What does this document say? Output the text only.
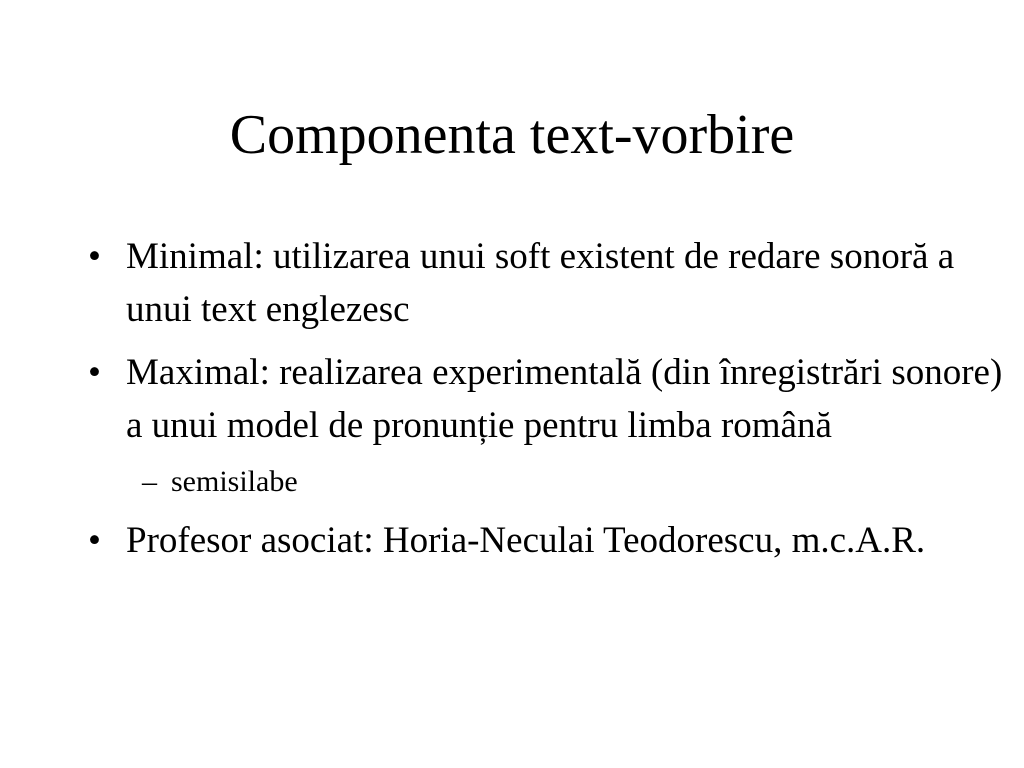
Componenta text-vorbire
• Minimal: utilizarea unui soft existent de redare sonoră a unui text englezesc
• Maximal: realizarea experimentală (din înregistrări sonore) a unui model de pronunție pentru limba română
– semisilabe
• Profesor asociat: Horia-Neculai Teodorescu, m.c.A.R.
